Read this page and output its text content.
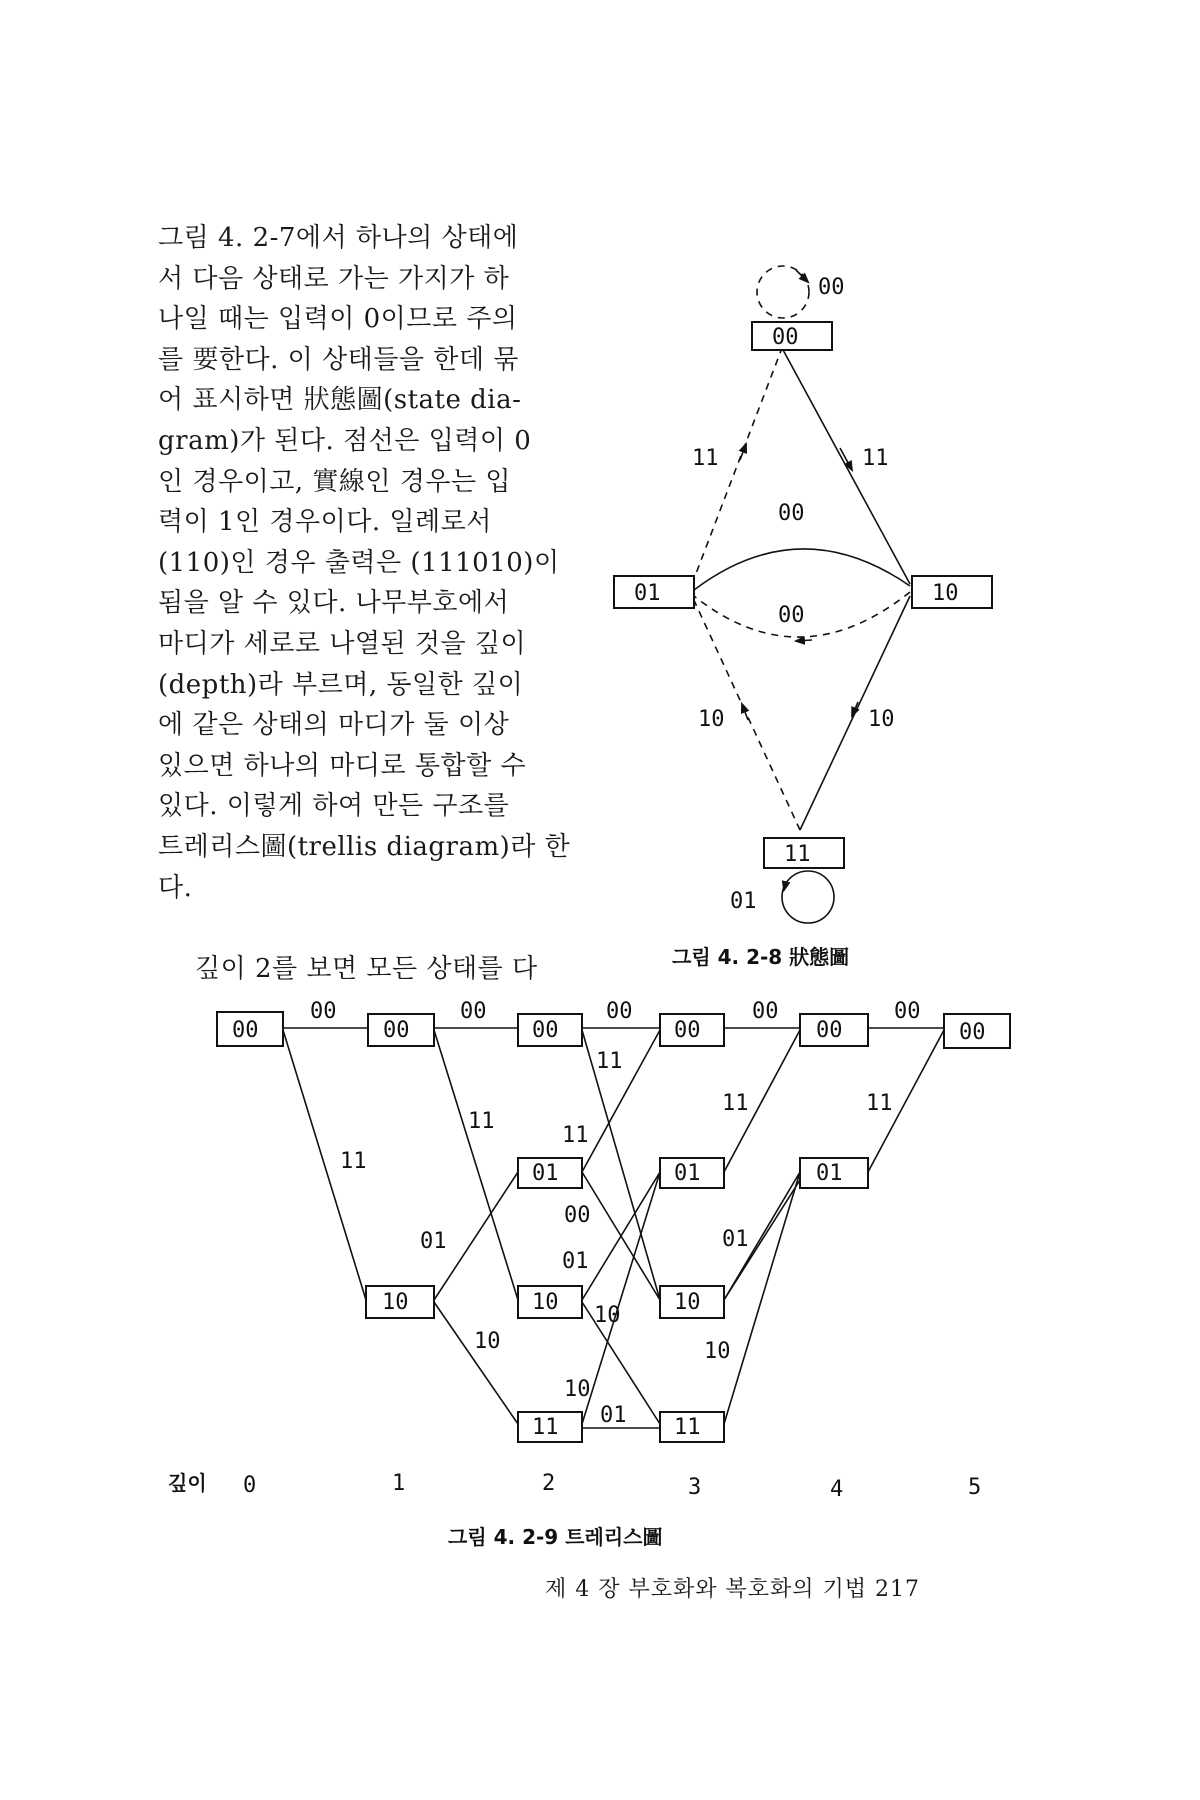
그림 4. 2-7에서 하나의 상태에
서 다음 상태로 가는 가지가 하
나일 때는 입력이 0이므로 주의
를 要한다. 이 상태들을 한데 묶
어 표시하면 狀態圖(state dia-
gram)가 된다. 점선은 입력이 0
인 경우이고, 實線인 경우는 입
력이 1인 경우이다. 일례로서
(110)인 경우 출력은 (111010)이
됨을 알 수 있다. 나무부호에서
마디가 세로로 나열된 것을 깊이
(depth)라 부르며, 동일한 깊이
에 같은 상태의 마디가 둘 이상
있으면 하나의 마디로 통합할 수
있다. 이렇게 하여 만든 구조를
트레리스圖(trellis diagram)라 한
다.
깊이 2를 보면 모든 상태를 다
00
11
11
00
00
10	10
01
00
01	10
11
그림 4. 2-8 狀態圖
00	00	00	00	00
11
11
11
11
11	11
01
00
01
01
10
10
10
10
01
00	00	00	00	00	00
01	01	01
10	10	10
11	11
깊이 0	1	2	3	4	5
그림 4. 2-9 트레리스圖
제 4 장 부호화와 복호화의 기법 217
